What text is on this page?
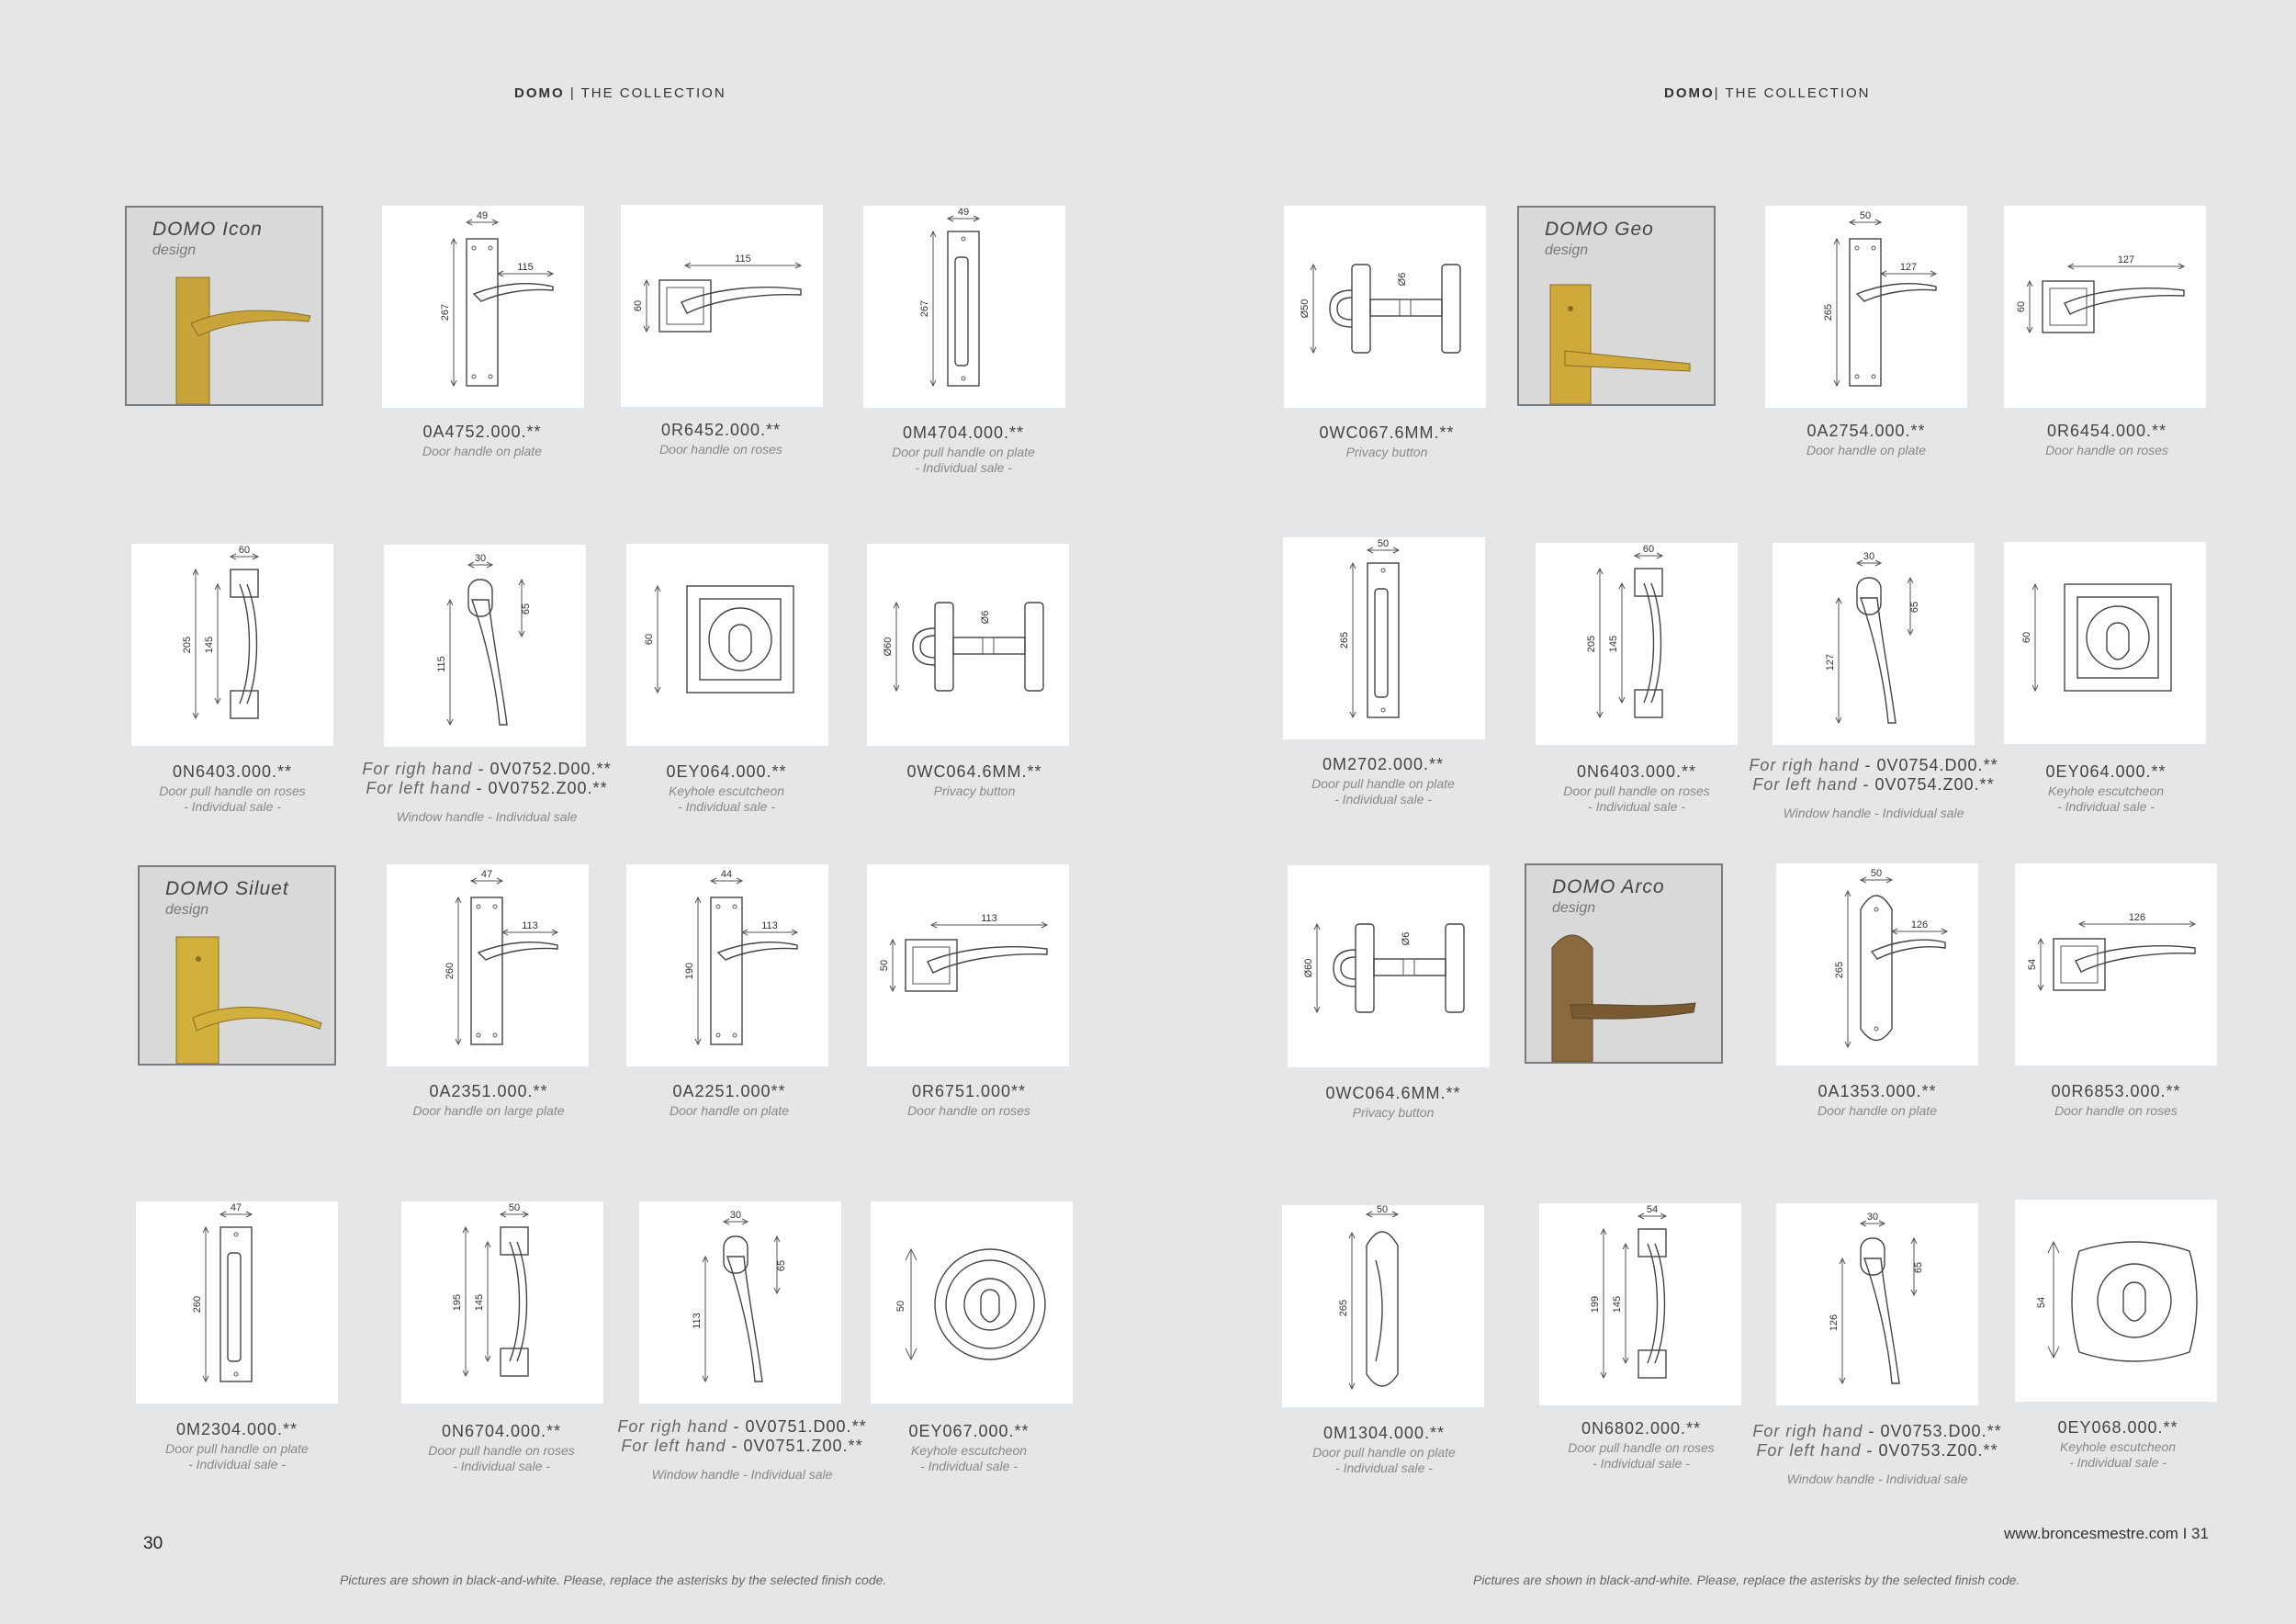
DOMO | THE COLLECTION	DOMO| THE COLLECTION
DOMO Icon
design
DOMO Siluet
design
DOMO Geo
design
DOMO Arco
design
49
115
267
0A4752.000.**
Door handle on plate
115
60
0R6452.000.**
Door handle on roses
49
267
0M4704.000.**
Door pull handle on plate
- Individual sale -
60
205 145
0N6403.000.**
Door pull handle on roses
- Individual sale -
30
65
115
For righ hand - 0V0752.D00.**
For left hand - 0V0752.Z00.**
Window handle - Individual sale
60
0EY064.000.**
Keyhole escutcheon
- Individual sale -
Ø60
Ø6
0WC064.6MM.**
Privacy button
47
113
260
0A2351.000.**
Door handle on large plate
44
113
190
0A2251.000**
Door handle on plate
113
50
0R6751.000**
Door handle on roses
47
260
0M2304.000.**
Door pull handle on plate
- Individual sale -
50
195 145
0N6704.000.**
Door pull handle on roses
- Individual sale -
30
65
113
For righ hand - 0V0751.D00.**
For left hand - 0V0751.Z00.**
Window handle - Individual sale
50
0EY067.000.**
Keyhole escutcheon
- Individual sale -
Ø50
Ø6
0WC067.6MM.**
Privacy button
50
127
265
0A2754.000.**
Door handle on plate
127
60
0R6454.000.**
Door handle on roses
50
265
0M2702.000.**
Door pull handle on plate
- Individual sale -
60
205 145
0N6403.000.**
Door pull handle on roses
- Individual sale -
30
65
127
For righ hand - 0V0754.D00.**
For left hand - 0V0754.Z00.**
Window handle - Individual sale
60
0EY064.000.**
Keyhole escutcheon
- Individual sale -
Ø60
Ø6
0WC064.6MM.**
Privacy button
50
126
265
0A1353.000.**
Door handle on plate
126
54
00R6853.000.**
Door handle on roses
50
265
0M1304.000.**
Door pull handle on plate
- Individual sale -
54
199 145
0N6802.000.**
Door pull handle on roses
- Individual sale -
30
65
126
For righ hand - 0V0753.D00.**
For left hand - 0V0753.Z00.**
Window handle - Individual sale
54
0EY068.000.**
Keyhole escutcheon
- Individual sale -
30
www.broncesmestre.com I 31
Pictures are shown in black-and-white. Please, replace the asterisks by the selected finish code.	Pictures are shown in black-and-white. Please, replace the asterisks by the selected finish code.
